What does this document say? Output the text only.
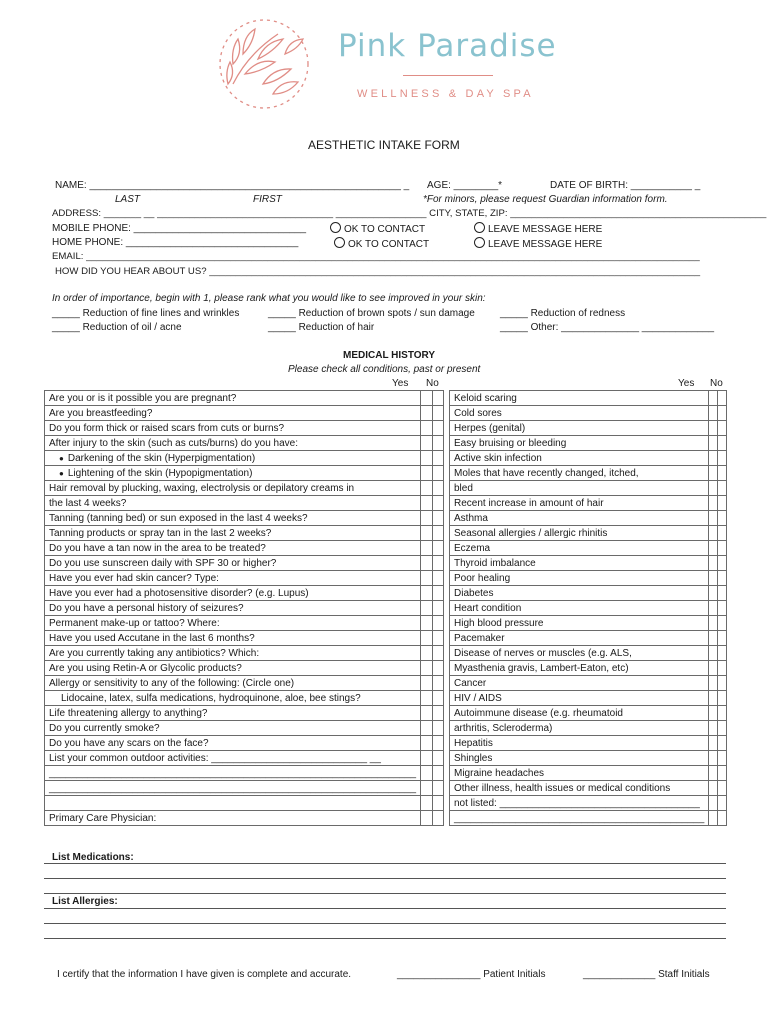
Pink Paradise
WELLNESS & DAY SPA
AESTHETIC INTAKE FORM
NAME: ________________________________________________________ _ AGE: ________*	DATE OF BIRTH: ___________ _
LAST	FIRST	*For minors, please request Guardian information form.
ADDRESS: _______ __ _________________________________ _________________ CITY, STATE, ZIP: ________________________________________________
MOBILE PHONE: _______________________________	OK TO CONTACT	LEAVE MESSAGE HERE
HOME PHONE: _______________________________	OK TO CONTACT	LEAVE MESSAGE HERE
EMAIL: ___________________________________________________________________________________________________________________
HOW DID YOU HEAR ABOUT US? ____________________________________________________________________________________________
In order of importance, begin with 1, please rank what you would like to see improved in your skin:
_____ Reduction of fine lines and wrinkles	_____ Reduction of brown spots / sun damage	_____ Reduction of redness
_____ Reduction of oil / acne	_____ Reduction of hair	_____ Other: ______________ _____________
MEDICAL HISTORY
Please check all conditions, past or present
Yes No	Yes No
Are you or is it possible you are pregnant?		
Are you breastfeeding?		
Do you form thick or raised scars from cuts or burns?		
After injury to the skin (such as cuts/burns) do you have:		
● Darkening of the skin (Hyperpigmentation)		
● Lightening of the skin (Hypopigmentation)		
Hair removal by plucking, waxing, electrolysis or depilatory creams in		
the last 4 weeks?		
Tanning (tanning bed) or sun exposed in the last 4 weeks?		
Tanning products or spray tan in the last 2 weeks?		
Do you have a tan now in the area to be treated?		
Do you use sunscreen daily with SPF 30 or higher?		
Have you ever had skin cancer? Type:		
Have you ever had a photosensitive disorder? (e.g. Lupus)		
Do you have a personal history of seizures?		
Permanent make-up or tattoo? Where:		
Have you used Accutane in the last 6 months?		
Are you currently taking any antibiotics? Which:		
Are you using Retin-A or Glycolic products?		
Allergy or sensitivity to any of the following: (Circle one)		
Lidocaine, latex, sulfa medications, hydroquinone, aloe, bee stings?		
Life threatening allergy to anything?		
Do you currently smoke?		
Do you have any scars on the face?		
List your common outdoor activities: ____________________________ __		
__________________________________________________________________		
__________________________________________________________________		

Primary Care Physician:		
Keloid scaring		
Cold sores		
Herpes (genital)		
Easy bruising or bleeding		
Active skin infection		
Moles that have recently changed, itched,		
bled		
Recent increase in amount of hair		
Asthma		
Seasonal allergies / allergic rhinitis		
Eczema		
Thyroid imbalance		
Poor healing		
Diabetes		
Heart condition		
High blood pressure		
Pacemaker		
Disease of nerves or muscles (e.g. ALS,		
Myasthenia gravis, Lambert-Eaton, etc)		
Cancer		
HIV / AIDS		
Autoimmune disease (e.g. rheumatoid		
arthritis, Scleroderma)		
Hepatitis		
Shingles		
Migraine headaches		
Other illness, health issues or medical conditions		
not listed: ____________________________________		
_____________________________________________		
List Medications:
List Allergies:
I certify that the information I have given is complete and accurate.	_______________ Patient Initials	_____________ Staff Initials
